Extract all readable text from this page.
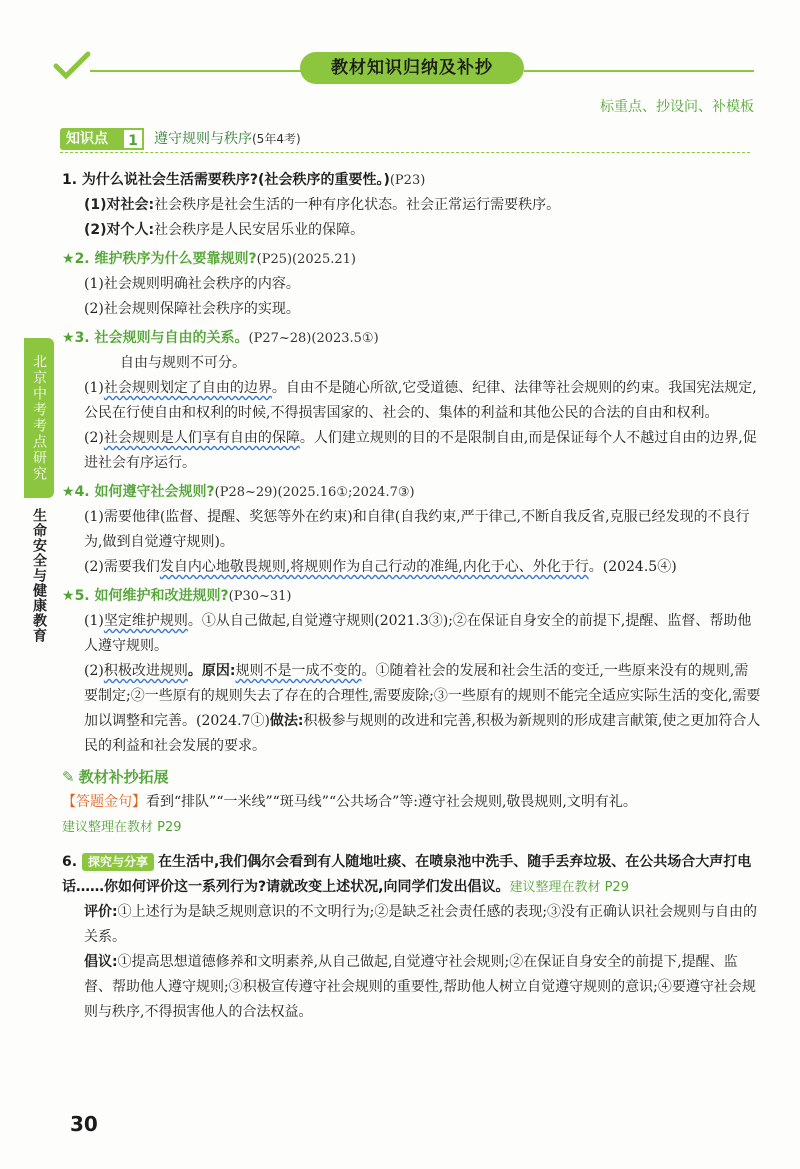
教材知识归纳及补抄
标重点、抄设问、补模板
北京中考考点研究
生命安全与健康教育
知识点	1	遵守规则与秩序(5年4考)
1. 为什么说社会生活需要秩序?(社会秩序的重要性。)(P23)
(1)对社会:社会秩序是社会生活的一种有序化状态。社会正常运行需要秩序。
(2)对个人:社会秩序是人民安居乐业的保障。
★2. 维护秩序为什么要靠规则?(P25)(2025.21)
(1)社会规则明确社会秩序的内容。
(2)社会规则保障社会秩序的实现。
★3. 社会规则与自由的关系。(P27~28)(2023.5①)
自由与规则不可分。
(1)社会规则划定了自由的边界。自由不是随心所欲,它受道德、纪律、法律等社会规则的约束。我国宪法规定,公民在行使自由和权利的时候,不得损害国家的、社会的、集体的利益和其他公民的合法的自由和权利。
(2)社会规则是人们享有自由的保障。人们建立规则的目的不是限制自由,而是保证每个人不越过自由的边界,促进社会有序运行。
★4. 如何遵守社会规则?(P28~29)(2025.16①;2024.7③)
(1)需要他律(监督、提醒、奖惩等外在约束)和自律(自我约束,严于律己,不断自我反省,克服已经发现的不良行为,做到自觉遵守规则)。
(2)需要我们发自内心地敬畏规则,将规则作为自己行动的准绳,内化于心、外化于行。(2024.5④)
★5. 如何维护和改进规则?(P30~31)
(1)坚定维护规则。①从自己做起,自觉遵守规则(2021.3③);②在保证自身安全的前提下,提醒、监督、帮助他人遵守规则。
(2)积极改进规则。原因:规则不是一成不变的。①随着社会的发展和社会生活的变迁,一些原来没有的规则,需要制定;②一些原有的规则失去了存在的合理性,需要废除;③一些原有的规则不能完全适应实际生活的变化,需要加以调整和完善。(2024.7①)做法:积极参与规则的改进和完善,积极为新规则的形成建言献策,使之更加符合人民的利益和社会发展的要求。
✎ 教材补抄拓展
【答题金句】看到“排队”“一米线”“斑马线”“公共场合”等:遵守社会规则,敬畏规则,文明有礼。
建议整理在教材 P29
6. 探究与分享 在生活中,我们偶尔会看到有人随地吐痰、在喷泉池中洗手、随手丢弃垃圾、在公共场合大声打电话……你如何评价这一系列行为?请就改变上述状况,向同学们发出倡议。建议整理在教材 P29
评价:①上述行为是缺乏规则意识的不文明行为;②是缺乏社会责任感的表现;③没有正确认识社会规则与自由的关系。
倡议:①提高思想道德修养和文明素养,从自己做起,自觉遵守社会规则;②在保证自身安全的前提下,提醒、监督、帮助他人遵守规则;③积极宣传遵守社会规则的重要性,帮助他人树立自觉遵守规则的意识;④要遵守社会规则与秩序,不得损害他人的合法权益。
30
